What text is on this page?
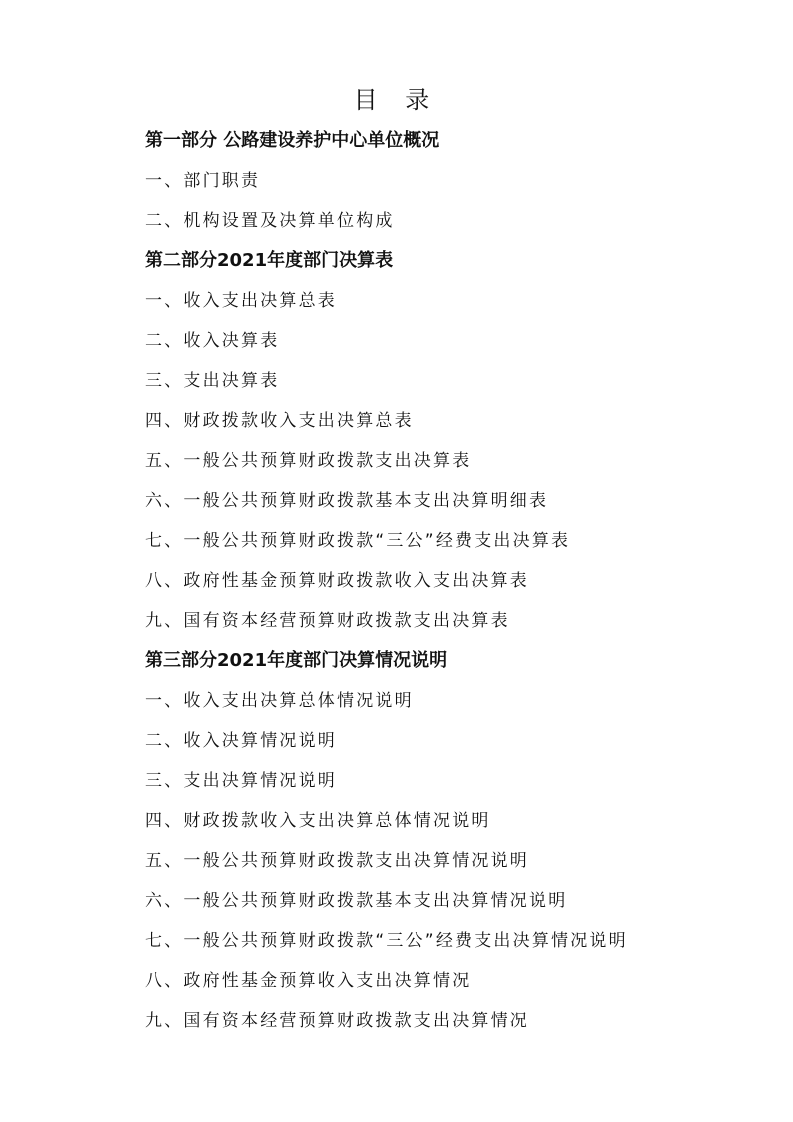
目 录
第一部分 公路建设养护中心单位概况
一、部门职责
二、机构设置及决算单位构成
第二部分2021年度部门决算表
一、收入支出决算总表
二、收入决算表
三、支出决算表
四、财政拨款收入支出决算总表
五、一般公共预算财政拨款支出决算表
六、一般公共预算财政拨款基本支出决算明细表
七、一般公共预算财政拨款“三公”经费支出决算表
八、政府性基金预算财政拨款收入支出决算表
九、国有资本经营预算财政拨款支出决算表
第三部分2021年度部门决算情况说明
一、收入支出决算总体情况说明
二、收入决算情况说明
三、支出决算情况说明
四、财政拨款收入支出决算总体情况说明
五、一般公共预算财政拨款支出决算情况说明
六、一般公共预算财政拨款基本支出决算情况说明
七、一般公共预算财政拨款“三公”经费支出决算情况说明
八、政府性基金预算收入支出决算情况
九、国有资本经营预算财政拨款支出决算情况
